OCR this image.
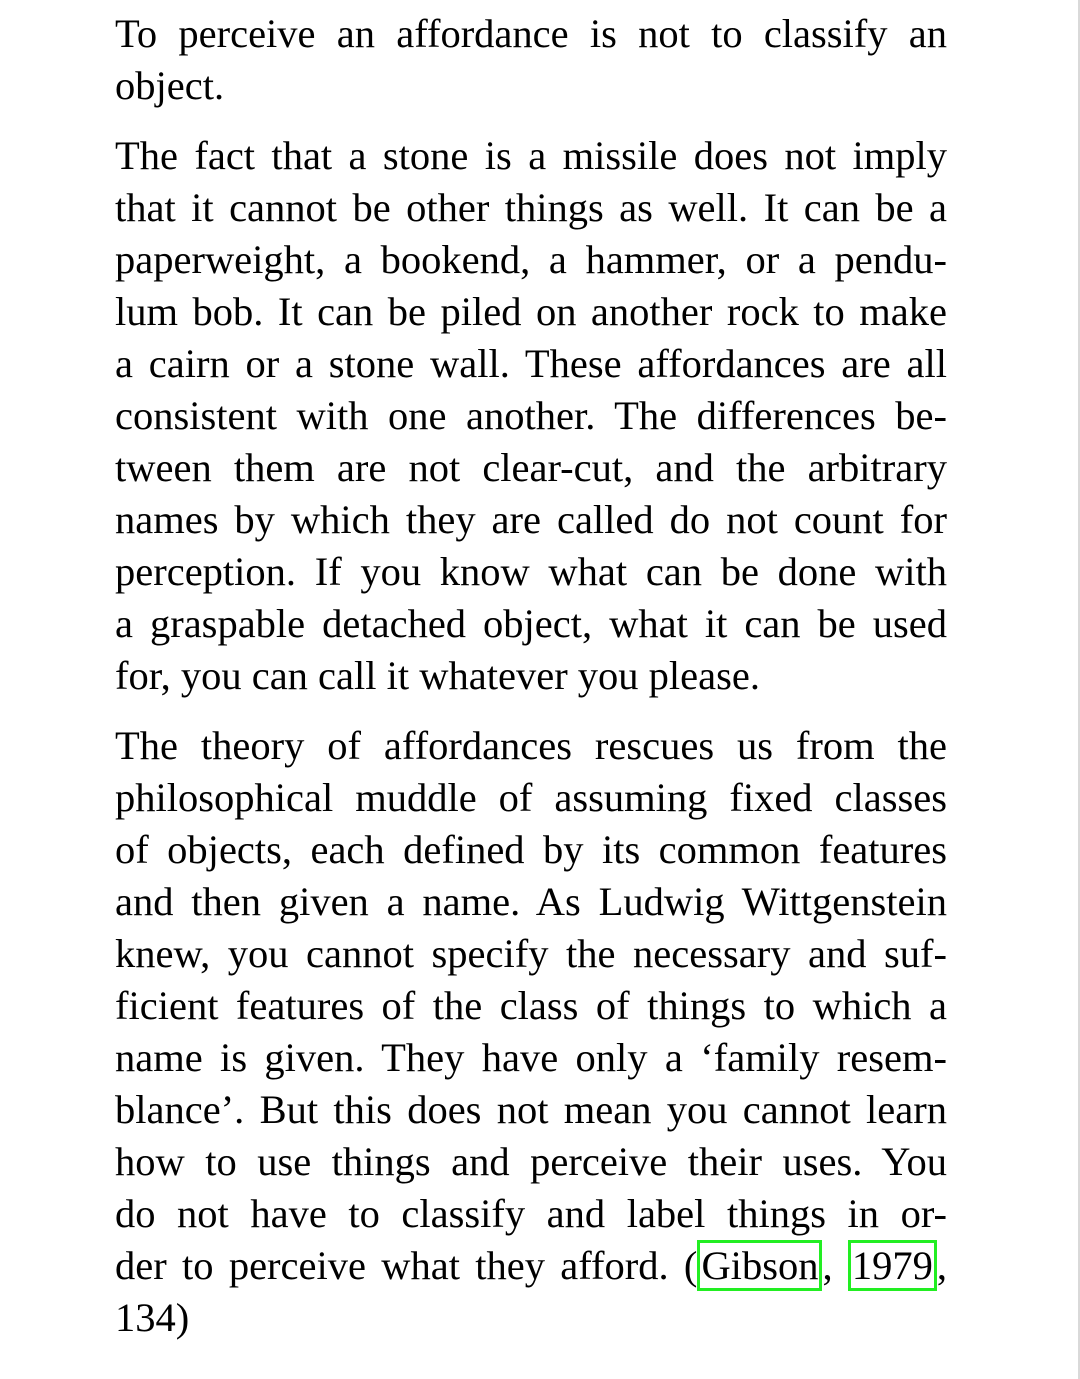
To perceive an affordance is not to classify an
object.

The fact that a stone is a missile does not imply
that it cannot be other things as well. It can be a
paperweight, a bookend, a hammer, or a pendu-
lum bob. It can be piled on another rock to make
a cairn or a stone wall. These affordances are all
consistent with one another. The differences be-
tween them are not clear-cut, and the arbitrary
names by which they are called do not count for
perception. If you know what can be done with
a graspable detached object, what it can be used
for, you can call it whatever you please.

The theory of affordances rescues us from the
philosophical muddle of assuming fixed classes
of objects, each defined by its common features
and then given a name. As Ludwig Wittgenstein
knew, you cannot specify the necessary and suf-
ficient features of the class of things to which a
name is given. They have only a ‘family resem-
blance’. But this does not mean you cannot learn
how to use things and perceive their uses. You
do not have to classify and label things in or-
der to perceive what they afford. (Gibson, 1979,
134)
